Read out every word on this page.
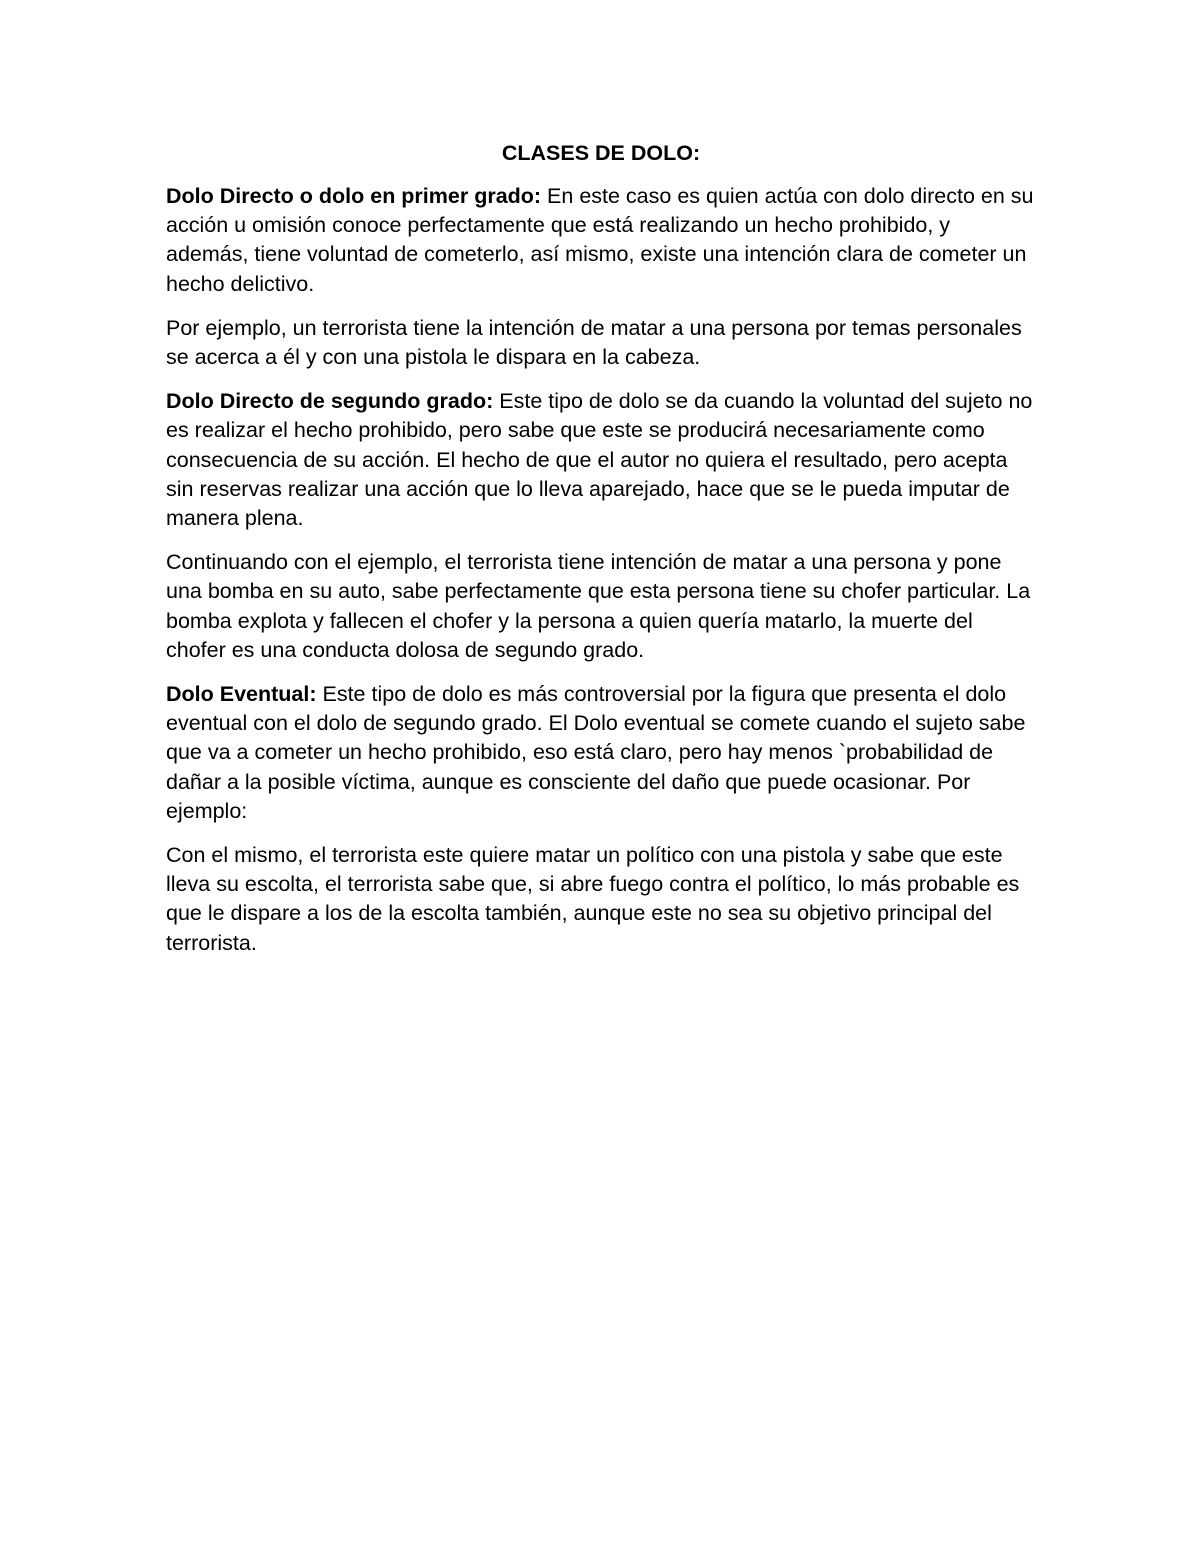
CLASES DE DOLO:

Dolo Directo o dolo en primer grado: En este caso es quien actúa con dolo directo en su acción u omisión conoce perfectamente que está realizando un hecho prohibido, y además, tiene voluntad de cometerlo, así mismo, existe una intención clara de cometer un hecho delictivo.

Por ejemplo, un terrorista tiene la intención de matar a una persona por temas personales se acerca a él y con una pistola le dispara en la cabeza.

Dolo Directo de segundo grado: Este tipo de dolo se da cuando la voluntad del sujeto no es realizar el hecho prohibido, pero sabe que este se producirá necesariamente como consecuencia de su acción. El hecho de que el autor no quiera el resultado, pero acepta sin reservas realizar una acción que lo lleva aparejado, hace que se le pueda imputar de manera plena.

Continuando con el ejemplo, el terrorista tiene intención de matar a una persona y pone una bomba en su auto, sabe perfectamente que esta persona tiene su chofer particular. La bomba explota y fallecen el chofer y la persona a quien quería matarlo, la muerte del chofer es una conducta dolosa de segundo grado.

Dolo Eventual: Este tipo de dolo es más controversial por la figura que presenta el dolo eventual con el dolo de segundo grado. El Dolo eventual se comete cuando el sujeto sabe que va a cometer un hecho prohibido, eso está claro, pero hay menos `probabilidad de dañar a la posible víctima, aunque es consciente del daño que puede ocasionar. Por ejemplo:

Con el mismo, el terrorista este quiere matar un político con una pistola y sabe que este lleva su escolta, el terrorista sabe que, si abre fuego contra el político, lo más probable es que le dispare a los de la escolta también, aunque este no sea su objetivo principal del terrorista.
